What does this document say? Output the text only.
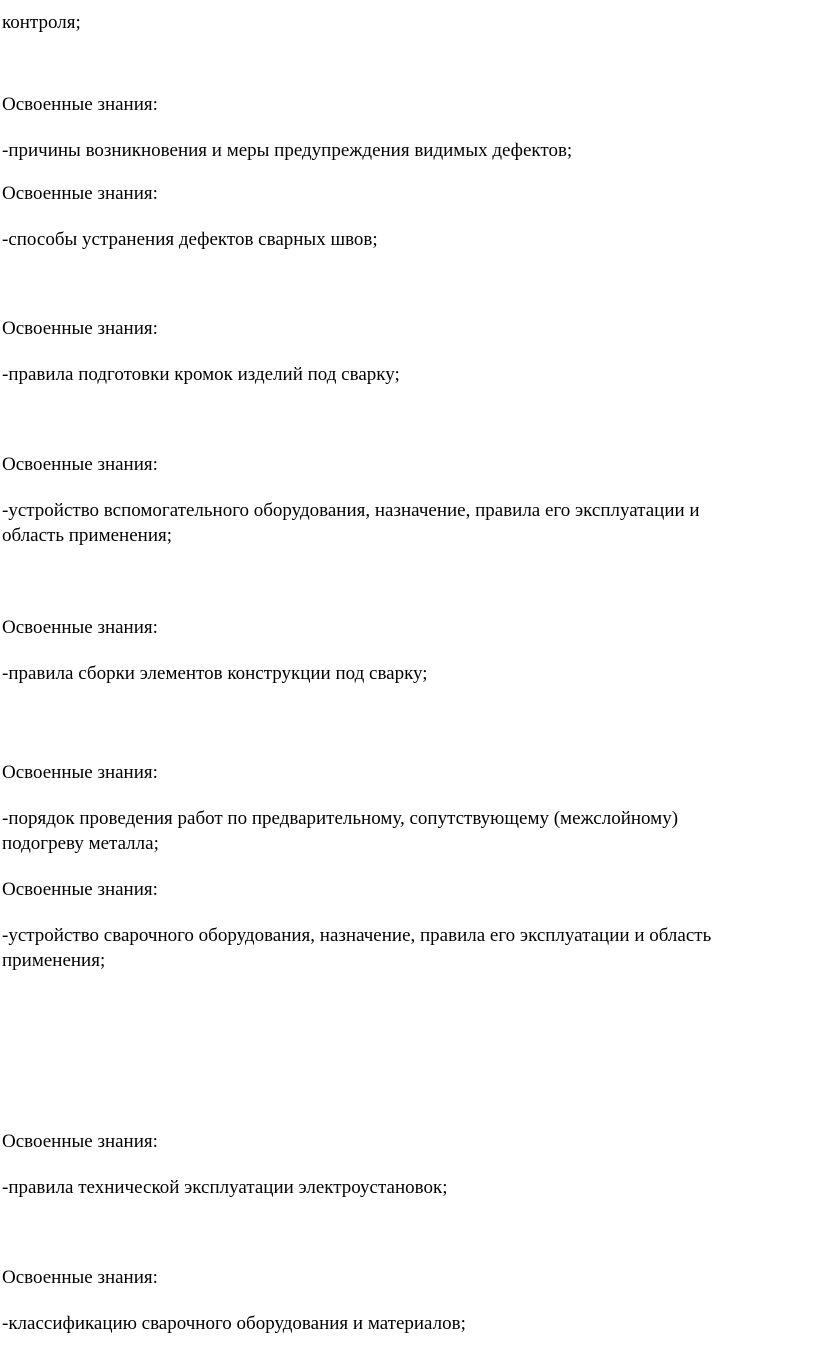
контроля;

Освоенные знания:

-причины возникновения и меры предупреждения видимых дефектов;

Освоенные знания:

-способы устранения дефектов сварных швов;

Освоенные знания:

-правила подготовки кромок изделий под сварку;

Освоенные знания:

-устройство вспомогательного оборудования, назначение, правила его эксплуатации и

область применения;

Освоенные знания:

-правила сборки элементов конструкции под сварку;

Освоенные знания:

-порядок проведения работ по предварительному, сопутствующему (межслойному)

подогреву металла;

Освоенные знания:

-устройство сварочного оборудования, назначение, правила его эксплуатации и область

применения;

Освоенные знания:

-правила технической эксплуатации электроустановок;

Освоенные знания:

-классификацию сварочного оборудования и материалов;
